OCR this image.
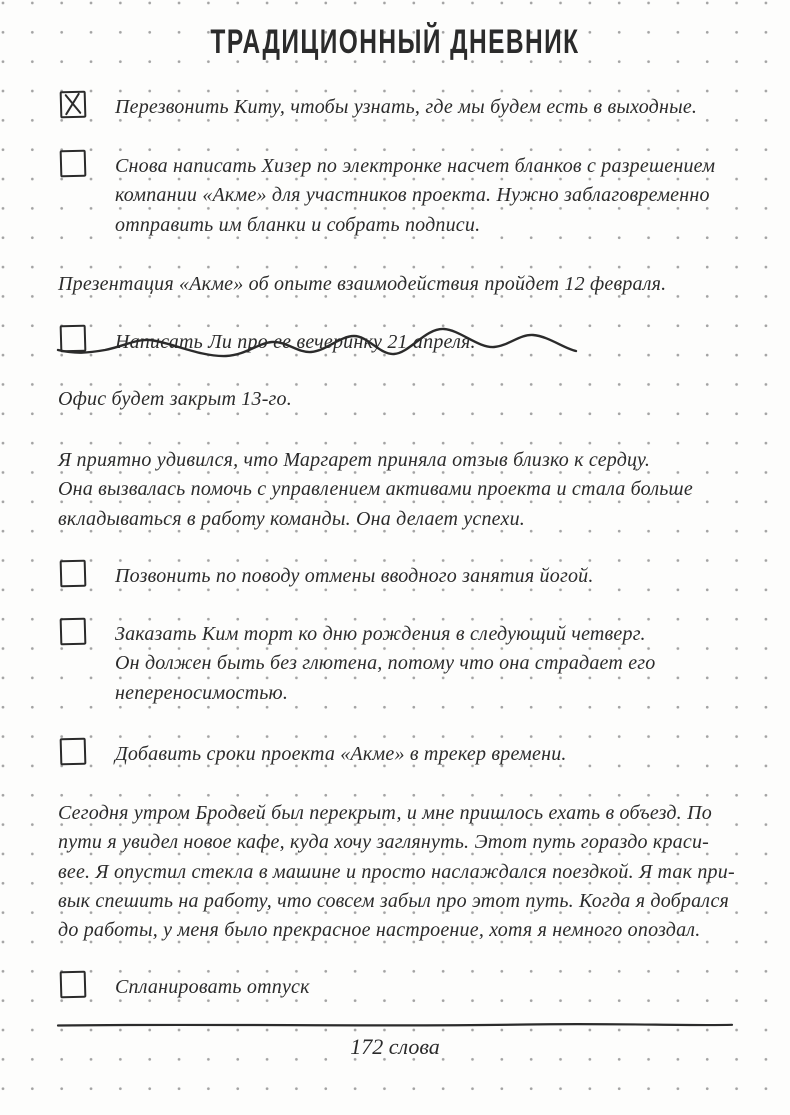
ТРАДИЦИОННЫЙ ДНЕВНИК
Перезвонить Киту, чтобы узнать, где мы будем есть в выходные.
Снова написать Хизер по электронке насчет бланков с разрешением
компании «Акме» для участников проекта. Нужно заблаговременно
отправить им бланки и собрать подписи.
Презентация «Акме» об опыте взаимодействия пройдет 12 февраля.
Написать Ли про ее вечеринку 21 апреля.
Офис будет закрыт 13-го.
Я приятно удивился, что Маргарет приняла отзыв близко к сердцу.
Она вызвалась помочь с управлением активами проекта и стала больше
вкладываться в работу команды. Она делает успехи.
Позвонить по поводу отмены вводного занятия йогой.
Заказать Ким торт ко дню рождения в следующий четверг.
Он должен быть без глютена, потому что она страдает его
непереносимостью.
Добавить сроки проекта «Акме» в трекер времени.
Сегодня утром Бродвей был перекрыт, и мне пришлось ехать в объезд. По
пути я увидел новое кафе, куда хочу заглянуть. Этот путь гораздо краси-
вее. Я опустил стекла в машине и просто наслаждался поездкой. Я так при-
вык спешить на работу, что совсем забыл про этот путь. Когда я добрался
до работы, у меня было прекрасное настроение, хотя я немного опоздал.
Спланировать отпуск
172 слова
